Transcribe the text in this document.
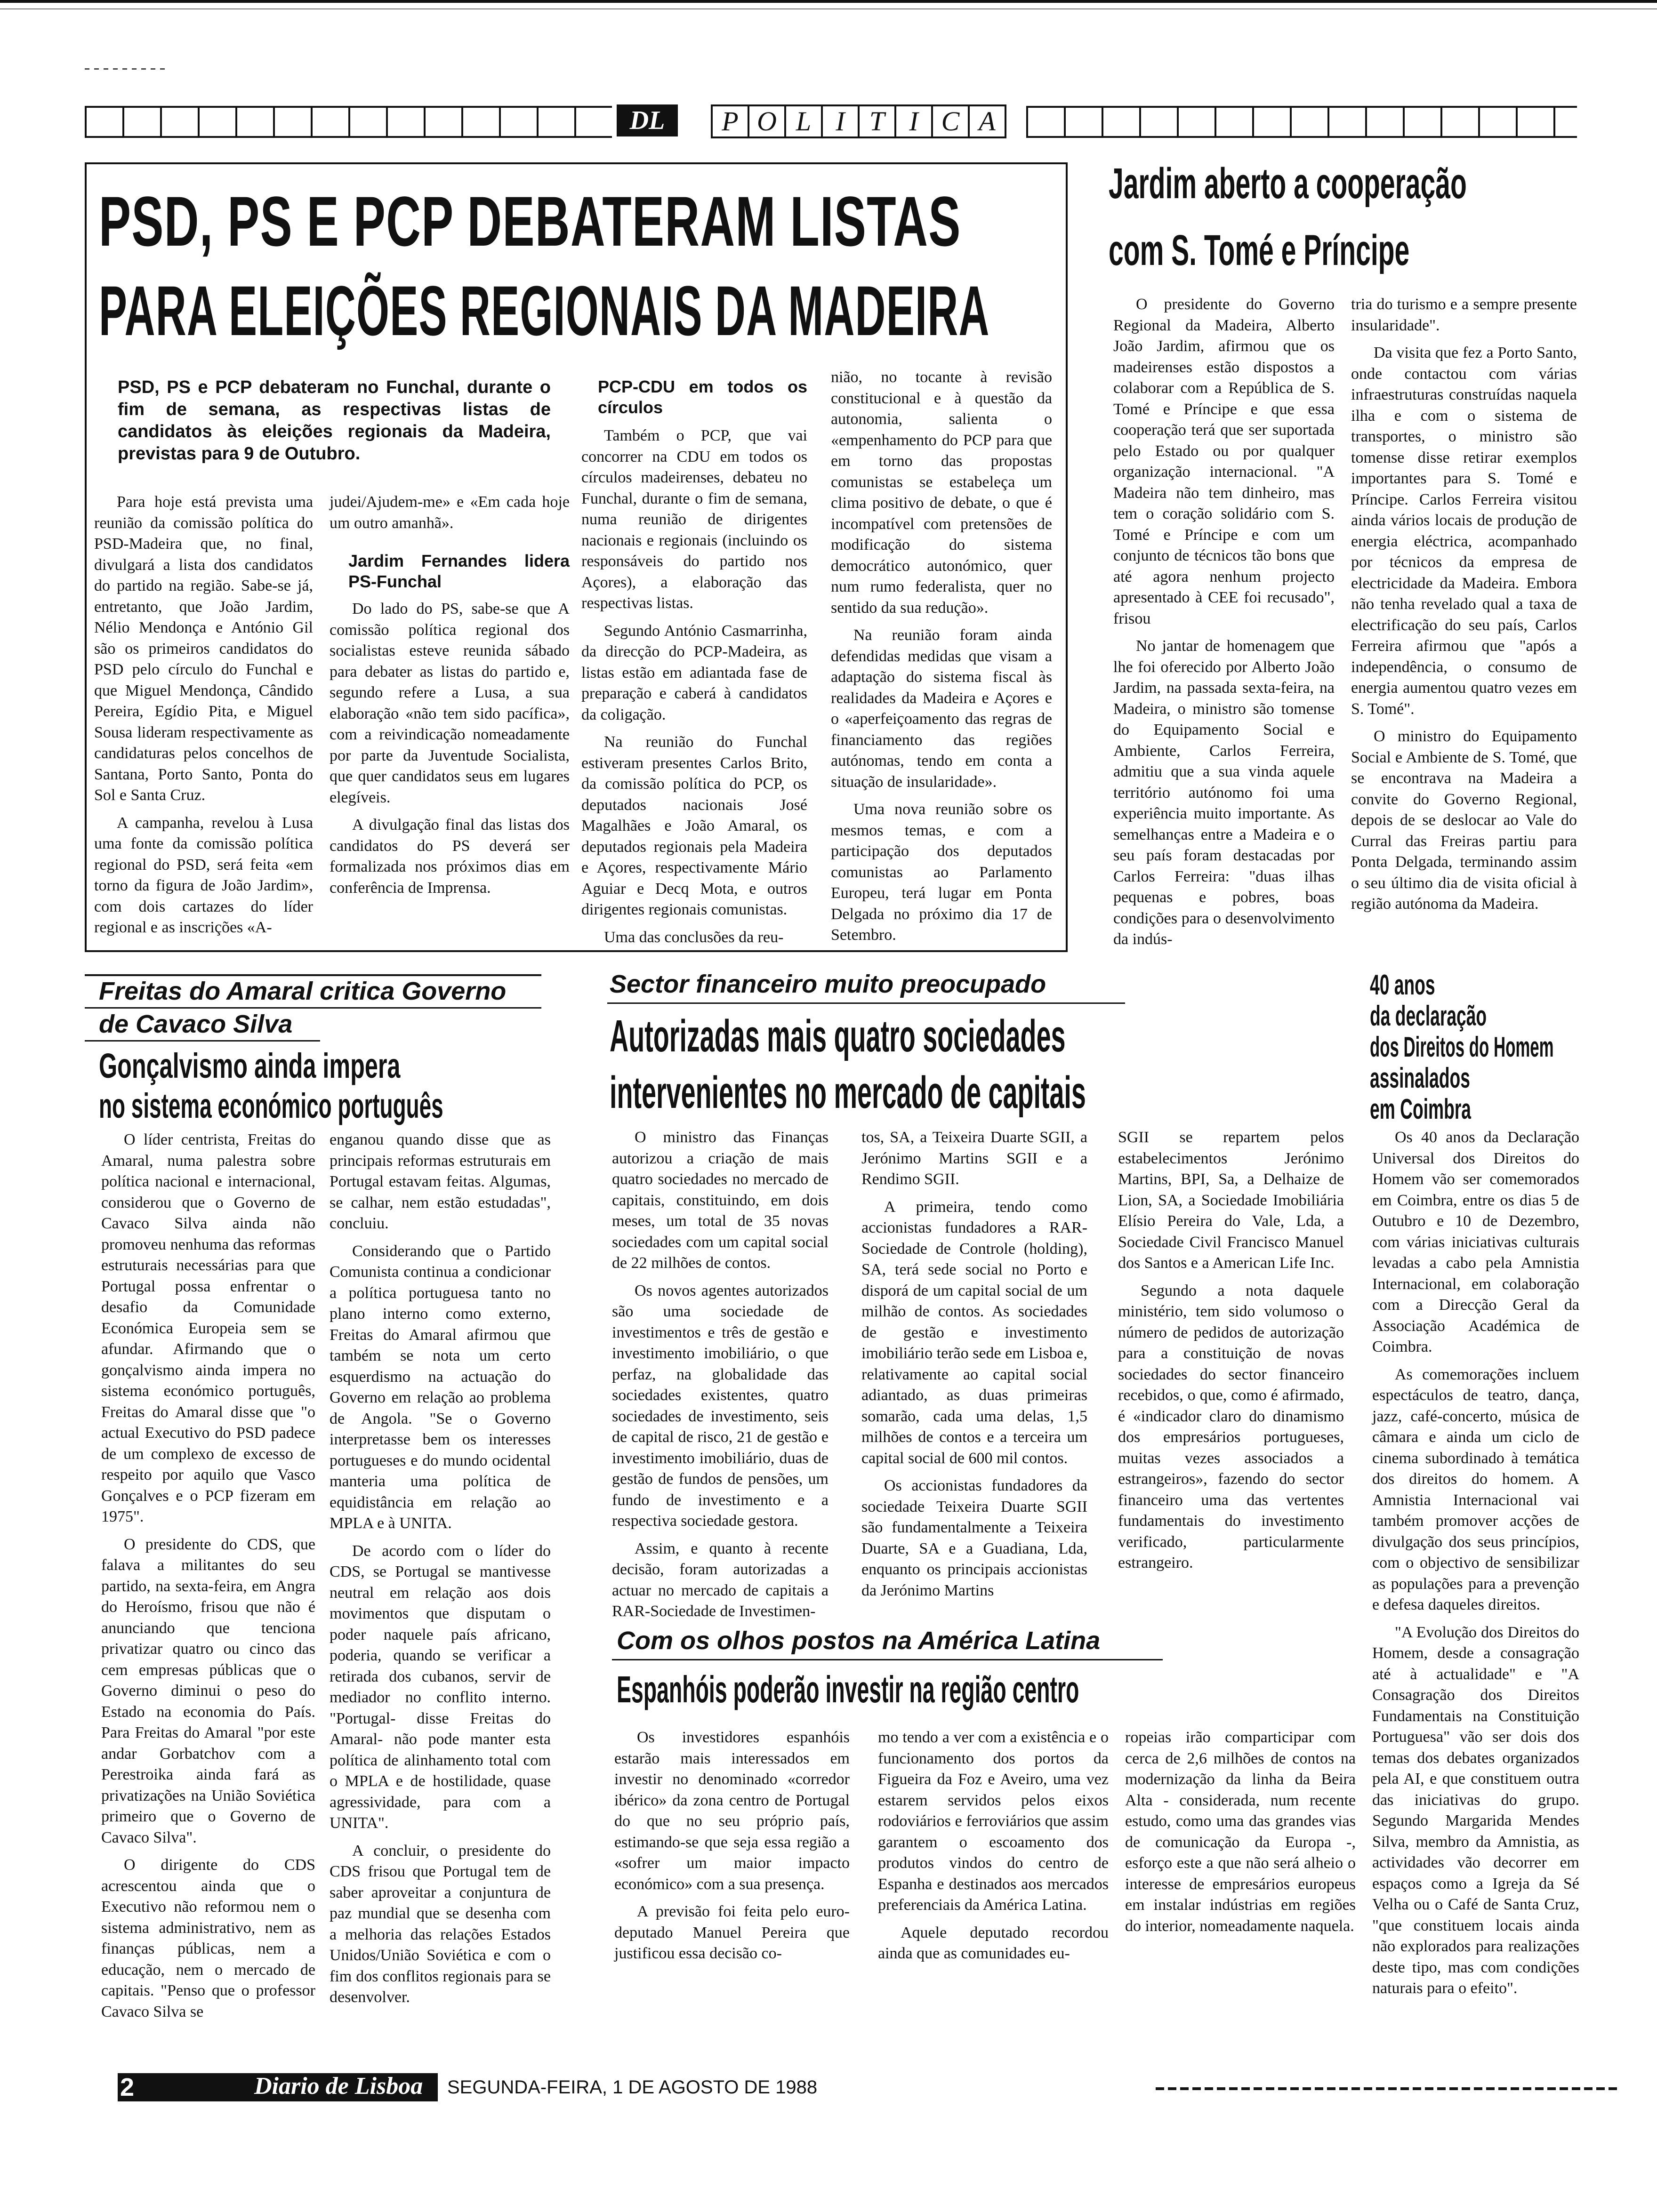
DL	P O L I T I C A
PSD, PS E PCP DEBATERAM LISTAS
PARA ELEIÇÕES REGIONAIS DA MADEIRA
PSD, PS e PCP debateram no Funchal, durante o fim de semana, as respectivas listas de candidatos às eleições regionais da Madeira, previstas para 9 de Outubro.

Para hoje está prevista uma reunião da comissão política do PSD-Madeira que, no final, divulgará a lista dos candidatos do partido na região. Sabe-se já, entretanto, que João Jardim, Nélio Mendonça e António Gil são os primeiros candidatos do PSD pelo círculo do Funchal e que Miguel Mendonça, Cândido Pereira, Egídio Pita, e Miguel Sousa lideram respectivamente as candidaturas pelos concelhos de Santana, Porto Santo, Ponta do Sol e Santa Cruz.

A campanha, revelou à Lusa uma fonte da comissão política regional do PSD, será feita «em torno da figura de João Jardim», com dois cartazes do líder regional e as inscrições «A-

judei/Ajudem-me» e «Em cada hoje um outro amanhã».

Jardim Fernandes lidera PS-Funchal

Do lado do PS, sabe-se que A comissão política regional dos socialistas esteve reunida sábado para debater as listas do partido e, segundo refere a Lusa, a sua elaboração «não tem sido pacífica», com a reivindicação nomeadamente por parte da Juventude Socialista, que quer candidatos seus em lugares elegíveis.

A divulgação final das listas dos candidatos do PS deverá ser formalizada nos próximos dias em conferência de Imprensa.

PCP-CDU em todos os círculos

Também o PCP, que vai concorrer na CDU em todos os círculos madeirenses, debateu no Funchal, durante o fim de semana, numa reunião de dirigentes nacionais e regionais (incluindo os responsáveis do partido nos Açores), a elaboração das respectivas listas.

Segundo António Casmarrinha, da direcção do PCP-Madeira, as listas estão em adiantada fase de preparação e caberá à candidatos da coligação.

Na reunião do Funchal estiveram presentes Carlos Brito, da comissão política do PCP, os deputados nacionais José Magalhães e João Amaral, os deputados regionais pela Madeira e Açores, respectivamente Mário Aguiar e Decq Mota, e outros dirigentes regionais comunistas.

Uma das conclusões da reu-

nião, no tocante à revisão constitucional e à questão da autonomia, salienta o «empenhamento do PCP para que em torno das propostas comunistas se estabeleça um clima positivo de debate, o que é incompatível com pretensões de modificação do sistema democrático autonómico, quer num rumo federalista, quer no sentido da sua redução».

Na reunião foram ainda defendidas medidas que visam a adaptação do sistema fiscal às realidades da Madeira e Açores e o «aperfeiçoamento das regras de financiamento das regiões autónomas, tendo em conta a situação de insularidade».

Uma nova reunião sobre os mesmos temas, e com a participação dos deputados comunistas ao Parlamento Europeu, terá lugar em Ponta Delgada no próximo dia 17 de Setembro.

Jardim aberto a cooperação
com S. Tomé e Príncipe

O presidente do Governo Regional da Madeira, Alberto João Jardim, afirmou que os madeirenses estão dispostos a colaborar com a República de S. Tomé e Príncipe e que essa cooperação terá que ser suportada pelo Estado ou por qualquer organização internacional. "A Madeira não tem dinheiro, mas tem o coração solidário com S. Tomé e Príncipe e com um conjunto de técnicos tão bons que até agora nenhum projecto apresentado à CEE foi recusado", frisou

No jantar de homenagem que lhe foi oferecido por Alberto João Jardim, na passada sexta-feira, na Madeira, o ministro são tomense do Equipamento Social e Ambiente, Carlos Ferreira, admitiu que a sua vinda aquele território autónomo foi uma experiência muito importante. As semelhanças entre a Madeira e o seu país foram destacadas por Carlos Ferreira: "duas ilhas pequenas e pobres, boas condições para o desenvolvimento da indús-

tria do turismo e a sempre presente insularidade".

Da visita que fez a Porto Santo, onde contactou com várias infraestruturas construídas naquela ilha e com o sistema de transportes, o ministro são tomense disse retirar exemplos importantes para S. Tomé e Príncipe. Carlos Ferreira visitou ainda vários locais de produção de energia eléctrica, acompanhado por técnicos da empresa de electricidade da Madeira. Embora não tenha revelado qual a taxa de electrificação do seu país, Carlos Ferreira afirmou que "após a independência, o consumo de energia aumentou quatro vezes em S. Tomé".

O ministro do Equipamento Social e Ambiente de S. Tomé, que se encontrava na Madeira a convite do Governo Regional, depois de se deslocar ao Vale do Curral das Freiras partiu para Ponta Delgada, terminando assim o seu último dia de visita oficial à região autónoma da Madeira.

Freitas do Amaral critica Governo
de Cavaco Silva
Gonçalvismo ainda impera
no sistema económico português

O líder centrista, Freitas do Amaral, numa palestra sobre política nacional e internacional, considerou que o Governo de Cavaco Silva ainda não promoveu nenhuma das reformas estruturais necessárias para que Portugal possa enfrentar o desafio da Comunidade Económica Europeia sem se afundar. Afirmando que o gonçalvismo ainda impera no sistema económico português, Freitas do Amaral disse que "o actual Executivo do PSD padece de um complexo de excesso de respeito por aquilo que Vasco Gonçalves e o PCP fizeram em 1975".

O presidente do CDS, que falava a militantes do seu partido, na sexta-feira, em Angra do Heroísmo, frisou que não é anunciando que tenciona privatizar quatro ou cinco das cem empresas públicas que o Governo diminui o peso do Estado na economia do País. Para Freitas do Amaral "por este andar Gorbatchov com a Perestroika ainda fará as privatizações na União Soviética primeiro que o Governo de Cavaco Silva".

O dirigente do CDS acrescentou ainda que o Executivo não reformou nem o sistema administrativo, nem as finanças públicas, nem a educação, nem o mercado de capitais. "Penso que o professor Cavaco Silva se

enganou quando disse que as principais reformas estruturais em Portugal estavam feitas. Algumas, se calhar, nem estão estudadas", concluiu.

Considerando que o Partido Comunista continua a condicionar a política portuguesa tanto no plano interno como externo, Freitas do Amaral afirmou que também se nota um certo esquerdismo na actuação do Governo em relação ao problema de Angola. "Se o Governo interpretasse bem os interesses portugueses e do mundo ocidental manteria uma política de equidistância em relação ao MPLA e à UNITA.

De acordo com o líder do CDS, se Portugal se mantivesse neutral em relação aos dois movimentos que disputam o poder naquele país africano, poderia, quando se verificar a retirada dos cubanos, servir de mediador no conflito interno. "Portugal- disse Freitas do Amaral- não pode manter esta política de alinhamento total com o MPLA e de hostilidade, quase agressividade, para com a UNITA".

A concluir, o presidente do CDS frisou que Portugal tem de saber aproveitar a conjuntura de paz mundial que se desenha com a melhoria das relações Estados Unidos/União Soviética e com o fim dos conflitos regionais para se desenvolver.

Sector financeiro muito preocupado
Autorizadas mais quatro sociedades
intervenientes no mercado de capitais

O ministro das Finanças autorizou a criação de mais quatro sociedades no mercado de capitais, constituindo, em dois meses, um total de 35 novas sociedades com um capital social de 22 milhões de contos.

Os novos agentes autorizados são uma sociedade de investimentos e três de gestão e investimento imobiliário, o que perfaz, na globalidade das sociedades existentes, quatro sociedades de investimento, seis de capital de risco, 21 de gestão e investimento imobiliário, duas de gestão de fundos de pensões, um fundo de investimento e a respectiva sociedade gestora.

Assim, e quanto à recente decisão, foram autorizadas a actuar no mercado de capitais a RAR-Sociedade de Investimen-

tos, SA, a Teixeira Duarte SGII, a Jerónimo Martins SGII e a Rendimo SGII.

A primeira, tendo como accionistas fundadores a RAR-Sociedade de Controle (holding), SA, terá sede social no Porto e disporá de um capital social de um milhão de contos. As sociedades de gestão e investimento imobiliário terão sede em Lisboa e, relativamente ao capital social adiantado, as duas primeiras somarão, cada uma delas, 1,5 milhões de contos e a terceira um capital social de 600 mil contos.

Os accionistas fundadores da sociedade Teixeira Duarte SGII são fundamentalmente a Teixeira Duarte, SA e a Guadiana, Lda, enquanto os principais accionistas da Jerónimo Martins

SGII se repartem pelos estabelecimentos Jerónimo Martins, BPI, Sa, a Delhaize de Lion, SA, a Sociedade Imobiliária Elísio Pereira do Vale, Lda, a Sociedade Civil Francisco Manuel dos Santos e a American Life Inc.

Segundo a nota daquele ministério, tem sido volumoso o número de pedidos de autorização para a constituição de novas sociedades do sector financeiro recebidos, o que, como é afirmado, é «indicador claro do dinamismo dos empresários portugueses, muitas vezes associados a estrangeiros», fazendo do sector financeiro uma das vertentes fundamentais do investimento verificado, particularmente estrangeiro.

Com os olhos postos na América Latina
Espanhóis poderão investir na região centro

Os investidores espanhóis estarão mais interessados em investir no denominado «corredor ibérico» da zona centro de Portugal do que no seu próprio país, estimando-se que seja essa região a «sofrer um maior impacto económico» com a sua presença.

A previsão foi feita pelo euro-deputado Manuel Pereira que justificou essa decisão co-

mo tendo a ver com a existência e o funcionamento dos portos da Figueira da Foz e Aveiro, uma vez estarem servidos pelos eixos rodoviários e ferroviários que assim garantem o escoamento dos produtos vindos do centro de Espanha e destinados aos mercados preferenciais da América Latina.

Aquele deputado recordou ainda que as comunidades eu-

ropeias irão comparticipar com cerca de 2,6 milhões de contos na modernização da linha da Beira Alta - considerada, num recente estudo, como uma das grandes vias de comunicação da Europa -, esforço este a que não será alheio o interesse de empresários europeus em instalar indústrias em regiões do interior, nomeadamente naquela.

40 anos
da declaração
dos Direitos do Homem
assinalados
em Coimbra

Os 40 anos da Declaração Universal dos Direitos do Homem vão ser comemorados em Coimbra, entre os dias 5 de Outubro e 10 de Dezembro, com várias iniciativas culturais levadas a cabo pela Amnistia Internacional, em colaboração com a Direcção Geral da Associação Académica de Coimbra.

As comemorações incluem espectáculos de teatro, dança, jazz, café-concerto, música de câmara e ainda um ciclo de cinema subordinado à temática dos direitos do homem. A Amnistia Internacional vai também promover acções de divulgação dos seus princípios, com o objectivo de sensibilizar as populações para a prevenção e defesa daqueles direitos.

"A Evolução dos Direitos do Homem, desde a consagração até à actualidade" e "A Consagração dos Direitos Fundamentais na Constituição Portuguesa" vão ser dois dos temas dos debates organizados pela AI, e que constituem outra das iniciativas do grupo. Segundo Margarida Mendes Silva, membro da Amnistia, as actividades vão decorrer em espaços como a Igreja da Sé Velha ou o Café de Santa Cruz, "que constituem locais ainda não explorados para realizações deste tipo, mas com condições naturais para o efeito".

2	Diario de Lisboa SEGUNDA-FEIRA, 1 DE AGOSTO DE 1988
